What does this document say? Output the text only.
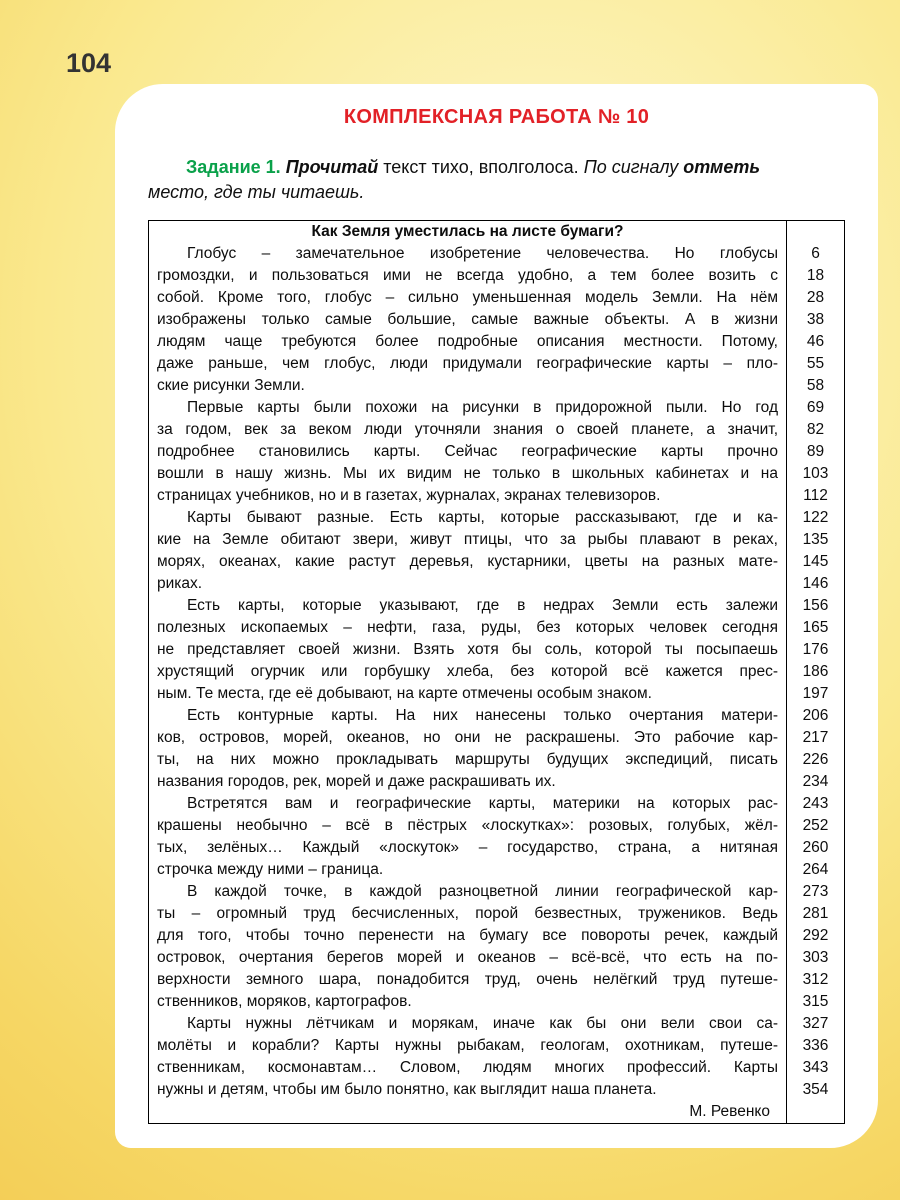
104
КОМПЛЕКСНАЯ РАБОТА № 10

Задание 1. Прочитай текст тихо, вполголоса. По сигналу отметь
место, где ты читаешь.

Как Земля уместилась на листе бумаги?
Глобус – замечательное изобретение человечества. Но глобусы	6
громоздки, и пользоваться ими не всегда удобно, а тем более возить с	18
собой. Кроме того, глобус – сильно уменьшенная модель Земли. На нём	28
изображены только самые большие, самые важные объекты. А в жизни	38
людям чаще требуются более подробные описания местности. Потому,	46
даже раньше, чем глобус, люди придумали географические карты – пло-	55
ские рисунки Земли.	58
Первые карты были похожи на рисунки в придорожной пыли. Но год	69
за годом, век за веком люди уточняли знания о своей планете, а значит,	82
подробнее становились карты. Сейчас географические карты прочно	89
вошли в нашу жизнь. Мы их видим не только в школьных кабинетах и на	103
страницах учебников, но и в газетах, журналах, экранах телевизоров.	112
Карты бывают разные. Есть карты, которые рассказывают, где и ка-	122
кие на Земле обитают звери, живут птицы, что за рыбы плавают в реках,	135
морях, океанах, какие растут деревья, кустарники, цветы на разных мате-	145
риках.	146
Есть карты, которые указывают, где в недрах Земли есть залежи	156
полезных ископаемых – нефти, газа, руды, без которых человек сегодня	165
не представляет своей жизни. Взять хотя бы соль, которой ты посыпаешь	176
хрустящий огурчик или горбушку хлеба, без которой всё кажется прес-	186
ным. Те места, где её добывают, на карте отмечены особым знаком.	197
Есть контурные карты. На них нанесены только очертания матери-	206
ков, островов, морей, океанов, но они не раскрашены. Это рабочие кар-	217
ты, на них можно прокладывать маршруты будущих экспедиций, писать	226
названия городов, рек, морей и даже раскрашивать их.	234
Встретятся вам и географические карты, материки на которых рас-	243
крашены необычно – всё в пёстрых «лоскутках»: розовых, голубых, жёл-	252
тых, зелёных… Каждый «лоскуток» – государство, страна, а нитяная	260
строчка между ними – граница.	264
В каждой точке, в каждой разноцветной линии географической кар-	273
ты – огромный труд бесчисленных, порой безвестных, тружеников. Ведь	281
для того, чтобы точно перенести на бумагу все повороты речек, каждый	292
островок, очертания берегов морей и океанов – всё-всё, что есть на по-	303
верхности земного шара, понадобится труд, очень нелёгкий труд путеше-	312
ственников, моряков, картографов.	315
Карты нужны лётчикам и морякам, иначе как бы они вели свои са-	327
молёты и корабли? Карты нужны рыбакам, геологам, охотникам, путеше-	336
ственникам, космонавтам… Словом, людям многих профессий. Карты	343
нужны и детям, чтобы им было понятно, как выглядит наша планета.	354
М. Ревенко
